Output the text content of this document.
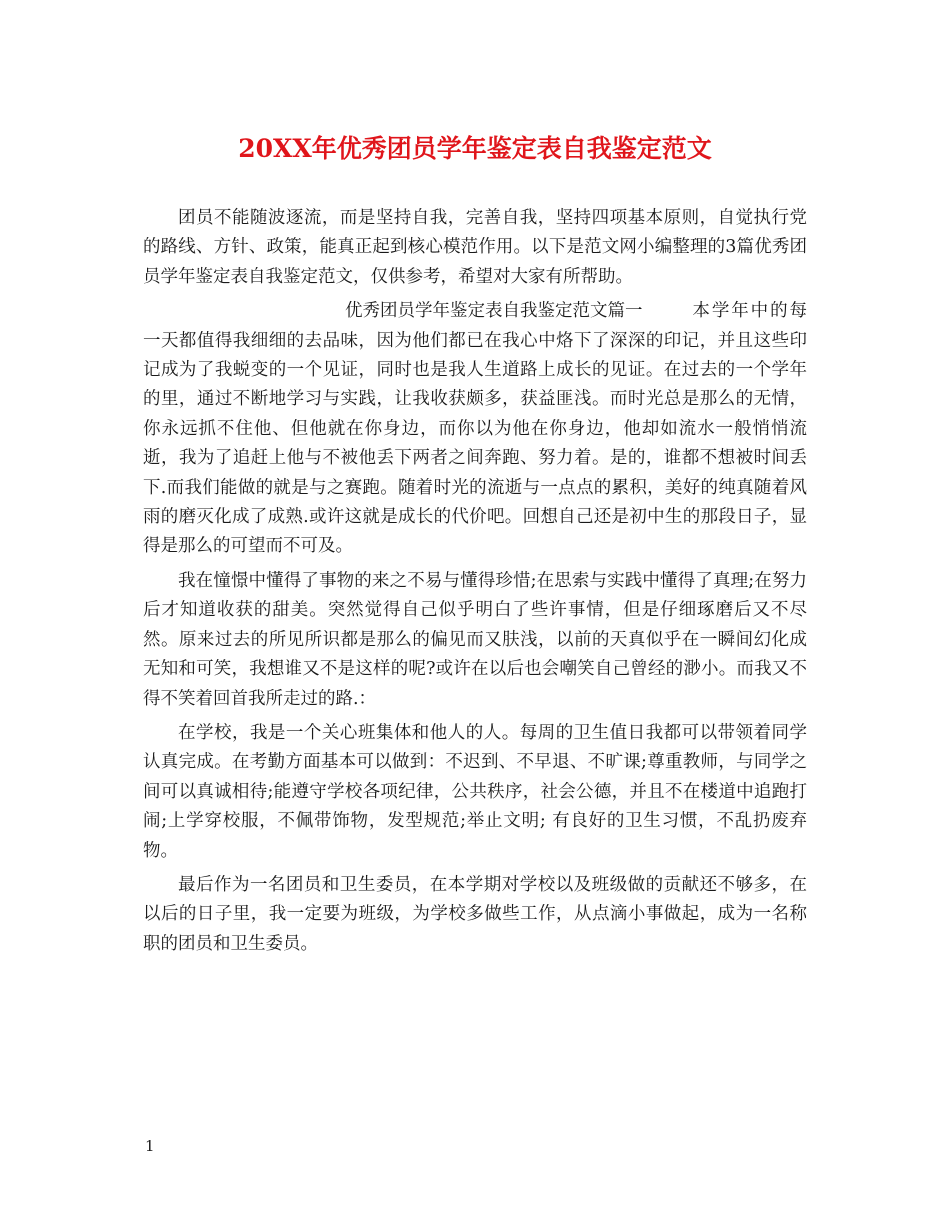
20XX年优秀团员学年鉴定表自我鉴定范文

团员不能随波逐流，而是坚持自我，完善自我，坚持四项基本原则，自觉执行党的路线、方针、政策，能真正起到核心模范作用。以下是范文网小编整理的3篇优秀团员学年鉴定表自我鉴定范文，仅供参考，希望对大家有所帮助。

优秀团员学年鉴定表自我鉴定范文篇一	本学年中的每一天都值得我细细的去品味，因为他们都已在我心中烙下了深深的印记，并且这些印记成为了我蜕变的一个见证，同时也是我人生道路上成长的见证。在过去的一个学年的里，通过不断地学习与实践，让我收获颇多，获益匪浅。而时光总是那么的无情，你永远抓不住他、但他就在你身边，而你以为他在你身边，他却如流水一般悄悄流逝，我为了追赶上他与不被他丢下两者之间奔跑、努力着。是的，谁都不想被时间丢下.而我们能做的就是与之赛跑。随着时光的流逝与一点点的累积，美好的纯真随着风雨的磨灭化成了成熟.或许这就是成长的代价吧。回想自己还是初中生的那段日子，显得是那么的可望而不可及。

我在憧憬中懂得了事物的来之不易与懂得珍惜;在思索与实践中懂得了真理;在努力后才知道收获的甜美。突然觉得自己似乎明白了些许事情，但是仔细琢磨后又不尽然。原来过去的所见所识都是那么的偏见而又肤浅，以前的天真似乎在一瞬间幻化成无知和可笑，我想谁又不是这样的呢?或许在以后也会嘲笑自己曾经的渺小。而我又不得不笑着回首我所走过的路.：

在学校，我是一个关心班集体和他人的人。每周的卫生值日我都可以带领着同学认真完成。在考勤方面基本可以做到：不迟到、不早退、不旷课;尊重教师，与同学之间可以真诚相待;能遵守学校各项纪律，公共秩序，社会公德，并且不在楼道中追跑打闹;上学穿校服，不佩带饰物，发型规范;举止文明; 有良好的卫生习惯，不乱扔废弃物。

最后作为一名团员和卫生委员，在本学期对学校以及班级做的贡献还不够多，在以后的日子里，我一定要为班级，为学校多做些工作，从点滴小事做起，成为一名称职的团员和卫生委员。

1
